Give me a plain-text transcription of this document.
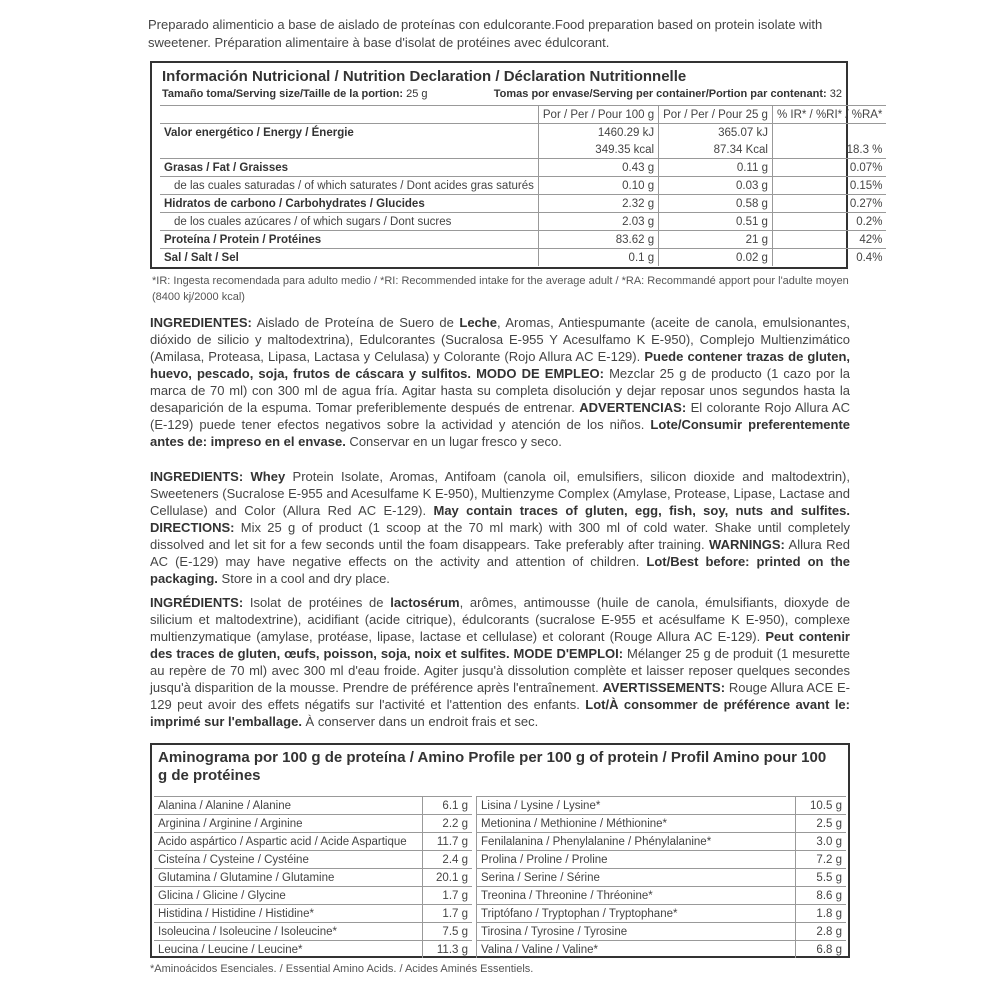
Preparado alimenticio a base de aislado de proteínas con edulcorante.Food preparation based on protein isolate with sweetener. Préparation alimentaire à base d'isolat de protéines avec édulcorant.
Información Nutricional / Nutrition Declaration / Déclaration Nutritionnelle
Tamaño toma/Serving size/Taille de la portion: 25 g	Tomas por envase/Serving per container/Portion par contenant: 32
	Por / Per / Pour 100 g	Por / Per / Pour 25 g	% IR* / %RI* / %RA*
Valor energético / Energy / Énergie	1460.29 kJ	365.07 kJ	
	349.35 kcal	87.34 Kcal	18.3 %
Grasas / Fat / Graisses	0.43 g	0.11 g	0.07%
de las cuales saturadas / of which saturates / Dont acides gras saturés	0.10 g	0.03 g	0.15%
Hidratos de carbono / Carbohydrates / Glucides	2.32 g	0.58 g	0.27%
de los cuales azúcares / of which sugars / Dont sucres	2.03 g	0.51 g	0.2%
Proteína / Protein / Protéines	83.62 g	21 g	42%
Sal / Salt / Sel	0.1 g	0.02 g	0.4%
*IR: Ingesta recomendada para adulto medio / *RI: Recommended intake for the average adult / *RA: Recommandé apport pour l'adulte moyen (8400 kj/2000 kcal)
INGREDIENTES: Aislado de Proteína de Suero de Leche, Aromas, Antiespumante (aceite de canola, emulsionantes, dióxido de silicio y maltodextrina), Edulcorantes (Sucralosa E-955 Y Acesulfamo K E-950), Complejo Multienzimático (Amilasa, Proteasa, Lipasa, Lactasa y Celulasa) y Colorante (Rojo Allura AC E-129). Puede contener trazas de gluten, huevo, pescado, soja, frutos de cáscara y sulfitos. MODO DE EMPLEO: Mezclar 25 g de producto (1 cazo por la marca de 70 ml) con 300 ml de agua fría. Agitar hasta su completa disolución y dejar reposar unos segundos hasta la desaparición de la espuma. Tomar preferiblemente después de entrenar. ADVERTENCIAS: El colorante Rojo Allura AC (E-129) puede tener efectos negativos sobre la actividad y atención de los niños. Lote/Consumir preferentemente antes de: impreso en el envase. Conservar en un lugar fresco y seco.
INGREDIENTS: Whey Protein Isolate, Aromas, Antifoam (canola oil, emulsifiers, silicon dioxide and maltodextrin), Sweeteners (Sucralose E-955 and Acesulfame K E-950), Multienzyme Complex (Amylase, Protease, Lipase, Lactase and Cellulase) and Color (Allura Red AC E-129). May contain traces of gluten, egg, fish, soy, nuts and sulfites. DIRECTIONS: Mix 25 g of product (1 scoop at the 70 ml mark) with 300 ml of cold water. Shake until completely dissolved and let sit for a few seconds until the foam disappears. Take preferably after training. WARNINGS: Allura Red AC (E-129) may have negative effects on the activity and attention of children. Lot/Best before: printed on the packaging. Store in a cool and dry place.
INGRÉDIENTS: Isolat de protéines de lactosérum, arômes, antimousse (huile de canola, émulsifiants, dioxyde de silicium et maltodextrine), acidifiant (acide citrique), édulcorants (sucralose E-955 et acésulfame K E-950), complexe multienzymatique (amylase, protéase, lipase, lactase et cellulase) et colorant (Rouge Allura AC E-129). Peut contenir des traces de gluten, œufs, poisson, soja, noix et sulfites. MODE D'EMPLOI: Mélanger 25 g de produit (1 mesurette au repère de 70 ml) avec 300 ml d'eau froide. Agiter jusqu'à dissolution complète et laisser reposer quelques secondes jusqu'à disparition de la mousse. Prendre de préférence après l'entraînement. AVERTISSEMENTS: Rouge Allura ACE E-129 peut avoir des effets négatifs sur l'activité et l'attention des enfants. Lot/À consommer de préférence avant le: imprimé sur l'emballage. À conserver dans un endroit frais et sec.
Aminograma por 100 g de proteína / Amino Profile per 100 g of protein / Profil Amino pour 100 g de protéines
Alanina / Alanine / Alanine	6.1 g
Arginina / Arginine / Arginine	2.2 g
Acido aspártico / Aspartic acid / Acide Aspartique	11.7 g
Cisteína / Cysteine / Cystéine	2.4 g
Glutamina / Glutamine / Glutamine	20.1 g
Glicina / Glicine / Glycine	1.7 g
Histidina / Histidine / Histidine*	1.7 g
Isoleucina / Isoleucine / Isoleucine*	7.5 g
Leucina / Leucine / Leucine*	11.3 g
Lisina / Lysine / Lysine*	10.5 g
Metionina / Methionine / Méthionine*	2.5 g
Fenilalanina / Phenylalanine / Phénylalanine*	3.0 g
Prolina / Proline / Proline	7.2 g
Serina / Serine / Sérine	5.5 g
Treonina / Threonine / Thréonine*	8.6 g
Triptófano / Tryptophan / Tryptophane*	1.8 g
Tirosina / Tyrosine / Tyrosine	2.8 g
Valina / Valine / Valine*	6.8 g
*Aminoácidos Esenciales. / Essential Amino Acids. / Acides Aminés Essentiels.
